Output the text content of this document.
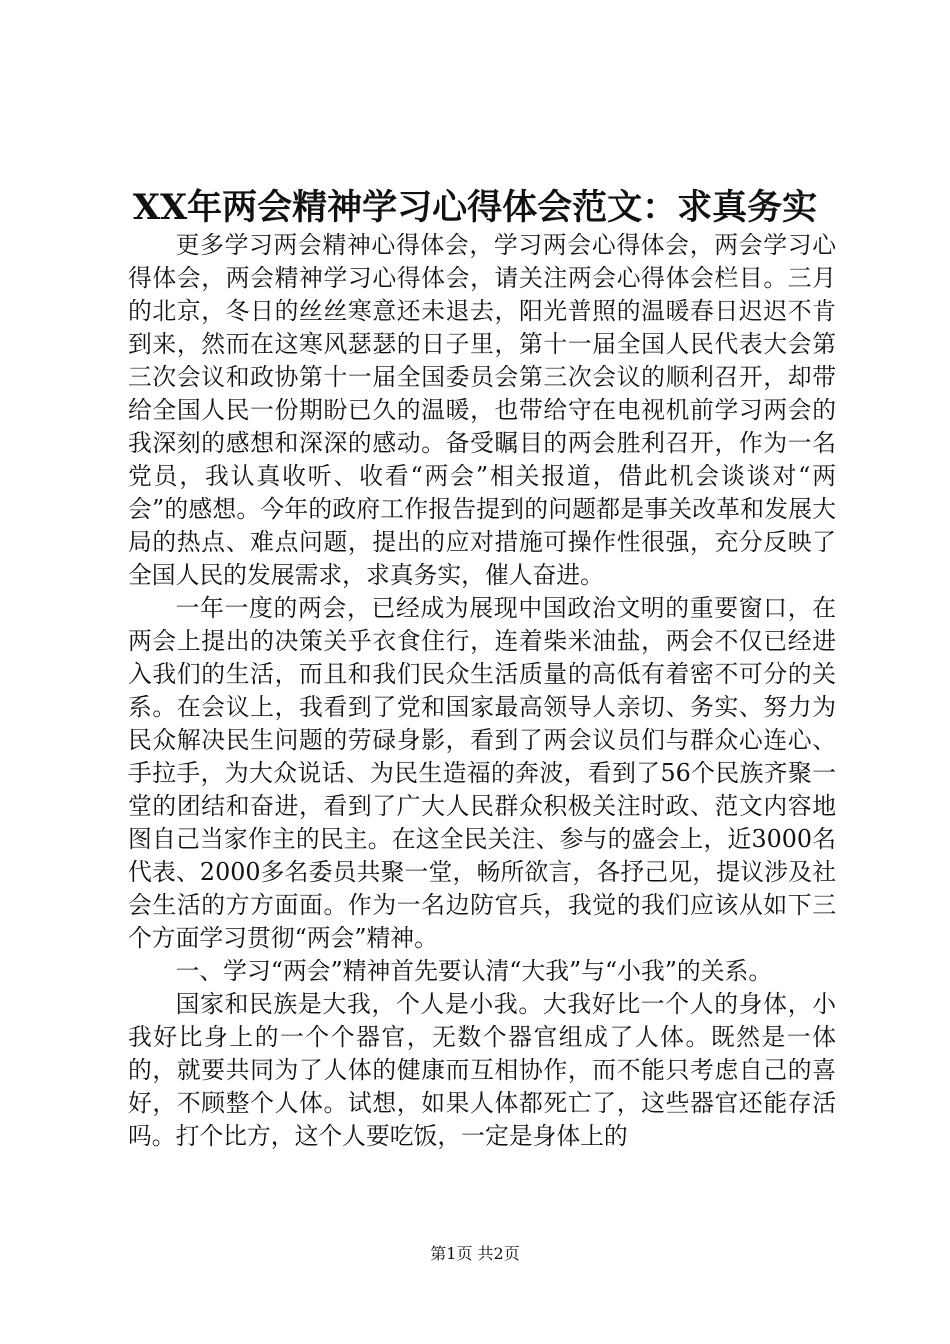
XX年两会精神学习心得体会范文：求真务实

更多学习两会精神心得体会，学习两会心得体会，两会学习心得体会，两会精神学习心得体会，请关注两会心得体会栏目。三月的北京，冬日的丝丝寒意还未退去，阳光普照的温暖春日迟迟不肯到来，然而在这寒风瑟瑟的日子里，第十一届全国人民代表大会第三次会议和政协第十一届全国委员会第三次会议的顺利召开，却带给全国人民一份期盼已久的温暖，也带给守在电视机前学习两会的我深刻的感想和深深的感动。备受瞩目的两会胜利召开，作为一名党员，我认真收听、收看“两会”相关报道，借此机会谈谈对“两会”的感想。今年的政府工作报告提到的问题都是事关改革和发展大局的热点、难点问题，提出的应对措施可操作性很强，充分反映了全国人民的发展需求，求真务实，催人奋进。

一年一度的两会，已经成为展现中国政治文明的重要窗口，在两会上提出的决策关乎衣食住行，连着柴米油盐，两会不仅已经进入我们的生活，而且和我们民众生活质量的高低有着密不可分的关系。在会议上，我看到了党和国家最高领导人亲切、务实、努力为民众解决民生问题的劳碌身影，看到了两会议员们与群众心连心、手拉手，为大众说话、为民生造福的奔波，看到了56个民族齐聚一堂的团结和奋进，看到了广大人民群众积极关注时政、范文内容地图自己当家作主的民主。在这全民关注、参与的盛会上，近3000名代表、2000多名委员共聚一堂，畅所欲言，各抒己见，提议涉及社会生活的方方面面。作为一名边防官兵，我觉的我们应该从如下三个方面学习贯彻“两会”精神。

一、学习“两会”精神首先要认清“大我”与“小我”的关系。

国家和民族是大我，个人是小我。大我好比一个人的身体，小我好比身上的一个个器官，无数个器官组成了人体。既然是一体的，就要共同为了人体的健康而互相协作，而不能只考虑自己的喜好，不顾整个人体。试想，如果人体都死亡了，这些器官还能存活吗。打个比方，这个人要吃饭，一定是身体上的

第1页 共2页
